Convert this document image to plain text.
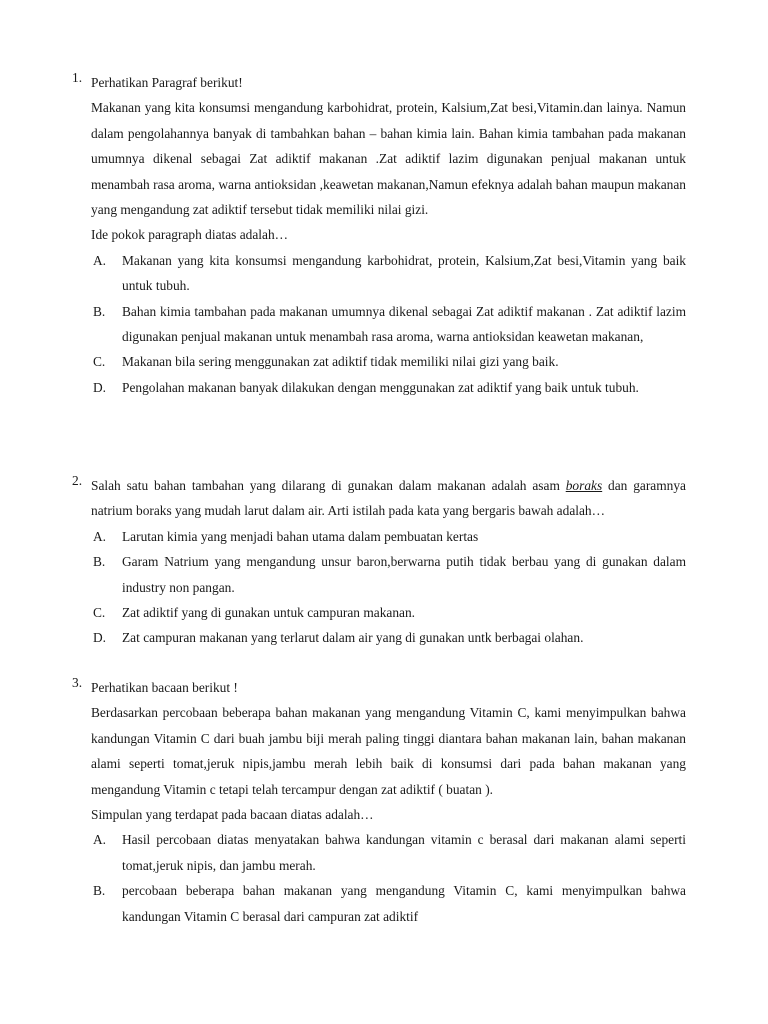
1. Perhatikan Paragraf berikut!
Makanan yang kita konsumsi mengandung karbohidrat, protein, Kalsium,Zat besi,Vitamin.dan lainya. Namun dalam pengolahannya banyak di tambahkan bahan – bahan kimia lain. Bahan kimia tambahan pada makanan umumnya dikenal sebagai Zat adiktif makanan .Zat adiktif lazim digunakan penjual makanan untuk menambah rasa aroma, warna antioksidan ,keawetan makanan,Namun efeknya adalah bahan maupun makanan yang mengandung zat adiktif tersebut tidak memiliki nilai gizi.
Ide pokok paragraph diatas adalah…
A.	Makanan yang kita konsumsi mengandung karbohidrat, protein, Kalsium,Zat besi,Vitamin yang baik untuk tubuh.
B.	Bahan kimia tambahan pada makanan umumnya dikenal sebagai Zat adiktif makanan . Zat adiktif lazim digunakan penjual makanan untuk menambah rasa aroma, warna antioksidan keawetan makanan,
C.	Makanan bila sering menggunakan zat adiktif tidak memiliki nilai gizi yang baik.
D.	Pengolahan makanan banyak dilakukan dengan menggunakan zat adiktif yang baik untuk tubuh.
2. Salah satu bahan tambahan yang dilarang di gunakan dalam makanan adalah asam boraks dan garamnya natrium boraks yang mudah larut dalam air. Arti istilah pada kata yang bergaris bawah adalah…
A.	Larutan kimia yang menjadi bahan utama dalam pembuatan kertas
B.	Garam Natrium yang mengandung unsur baron,berwarna putih tidak berbau yang di gunakan dalam industry non pangan.
C.	Zat adiktif yang di gunakan untuk campuran makanan.
D.	Zat campuran makanan yang terlarut dalam air yang di gunakan untk berbagai olahan.
3. Perhatikan bacaan berikut !
Berdasarkan percobaan beberapa bahan makanan yang mengandung Vitamin C, kami menyimpulkan bahwa kandungan Vitamin C dari buah jambu biji merah paling tinggi diantara bahan makanan lain, bahan makanan alami seperti tomat,jeruk nipis,jambu merah lebih baik di konsumsi dari pada bahan makanan yang mengandung Vitamin c tetapi telah tercampur dengan zat adiktif ( buatan ).
Simpulan yang terdapat pada bacaan diatas adalah…
A.	Hasil percobaan diatas menyatakan bahwa kandungan vitamin c berasal dari makanan alami seperti tomat,jeruk nipis, dan jambu merah.
B.	percobaan beberapa bahan makanan yang mengandung Vitamin C, kami menyimpulkan bahwa kandungan Vitamin C berasal dari campuran zat adiktif
